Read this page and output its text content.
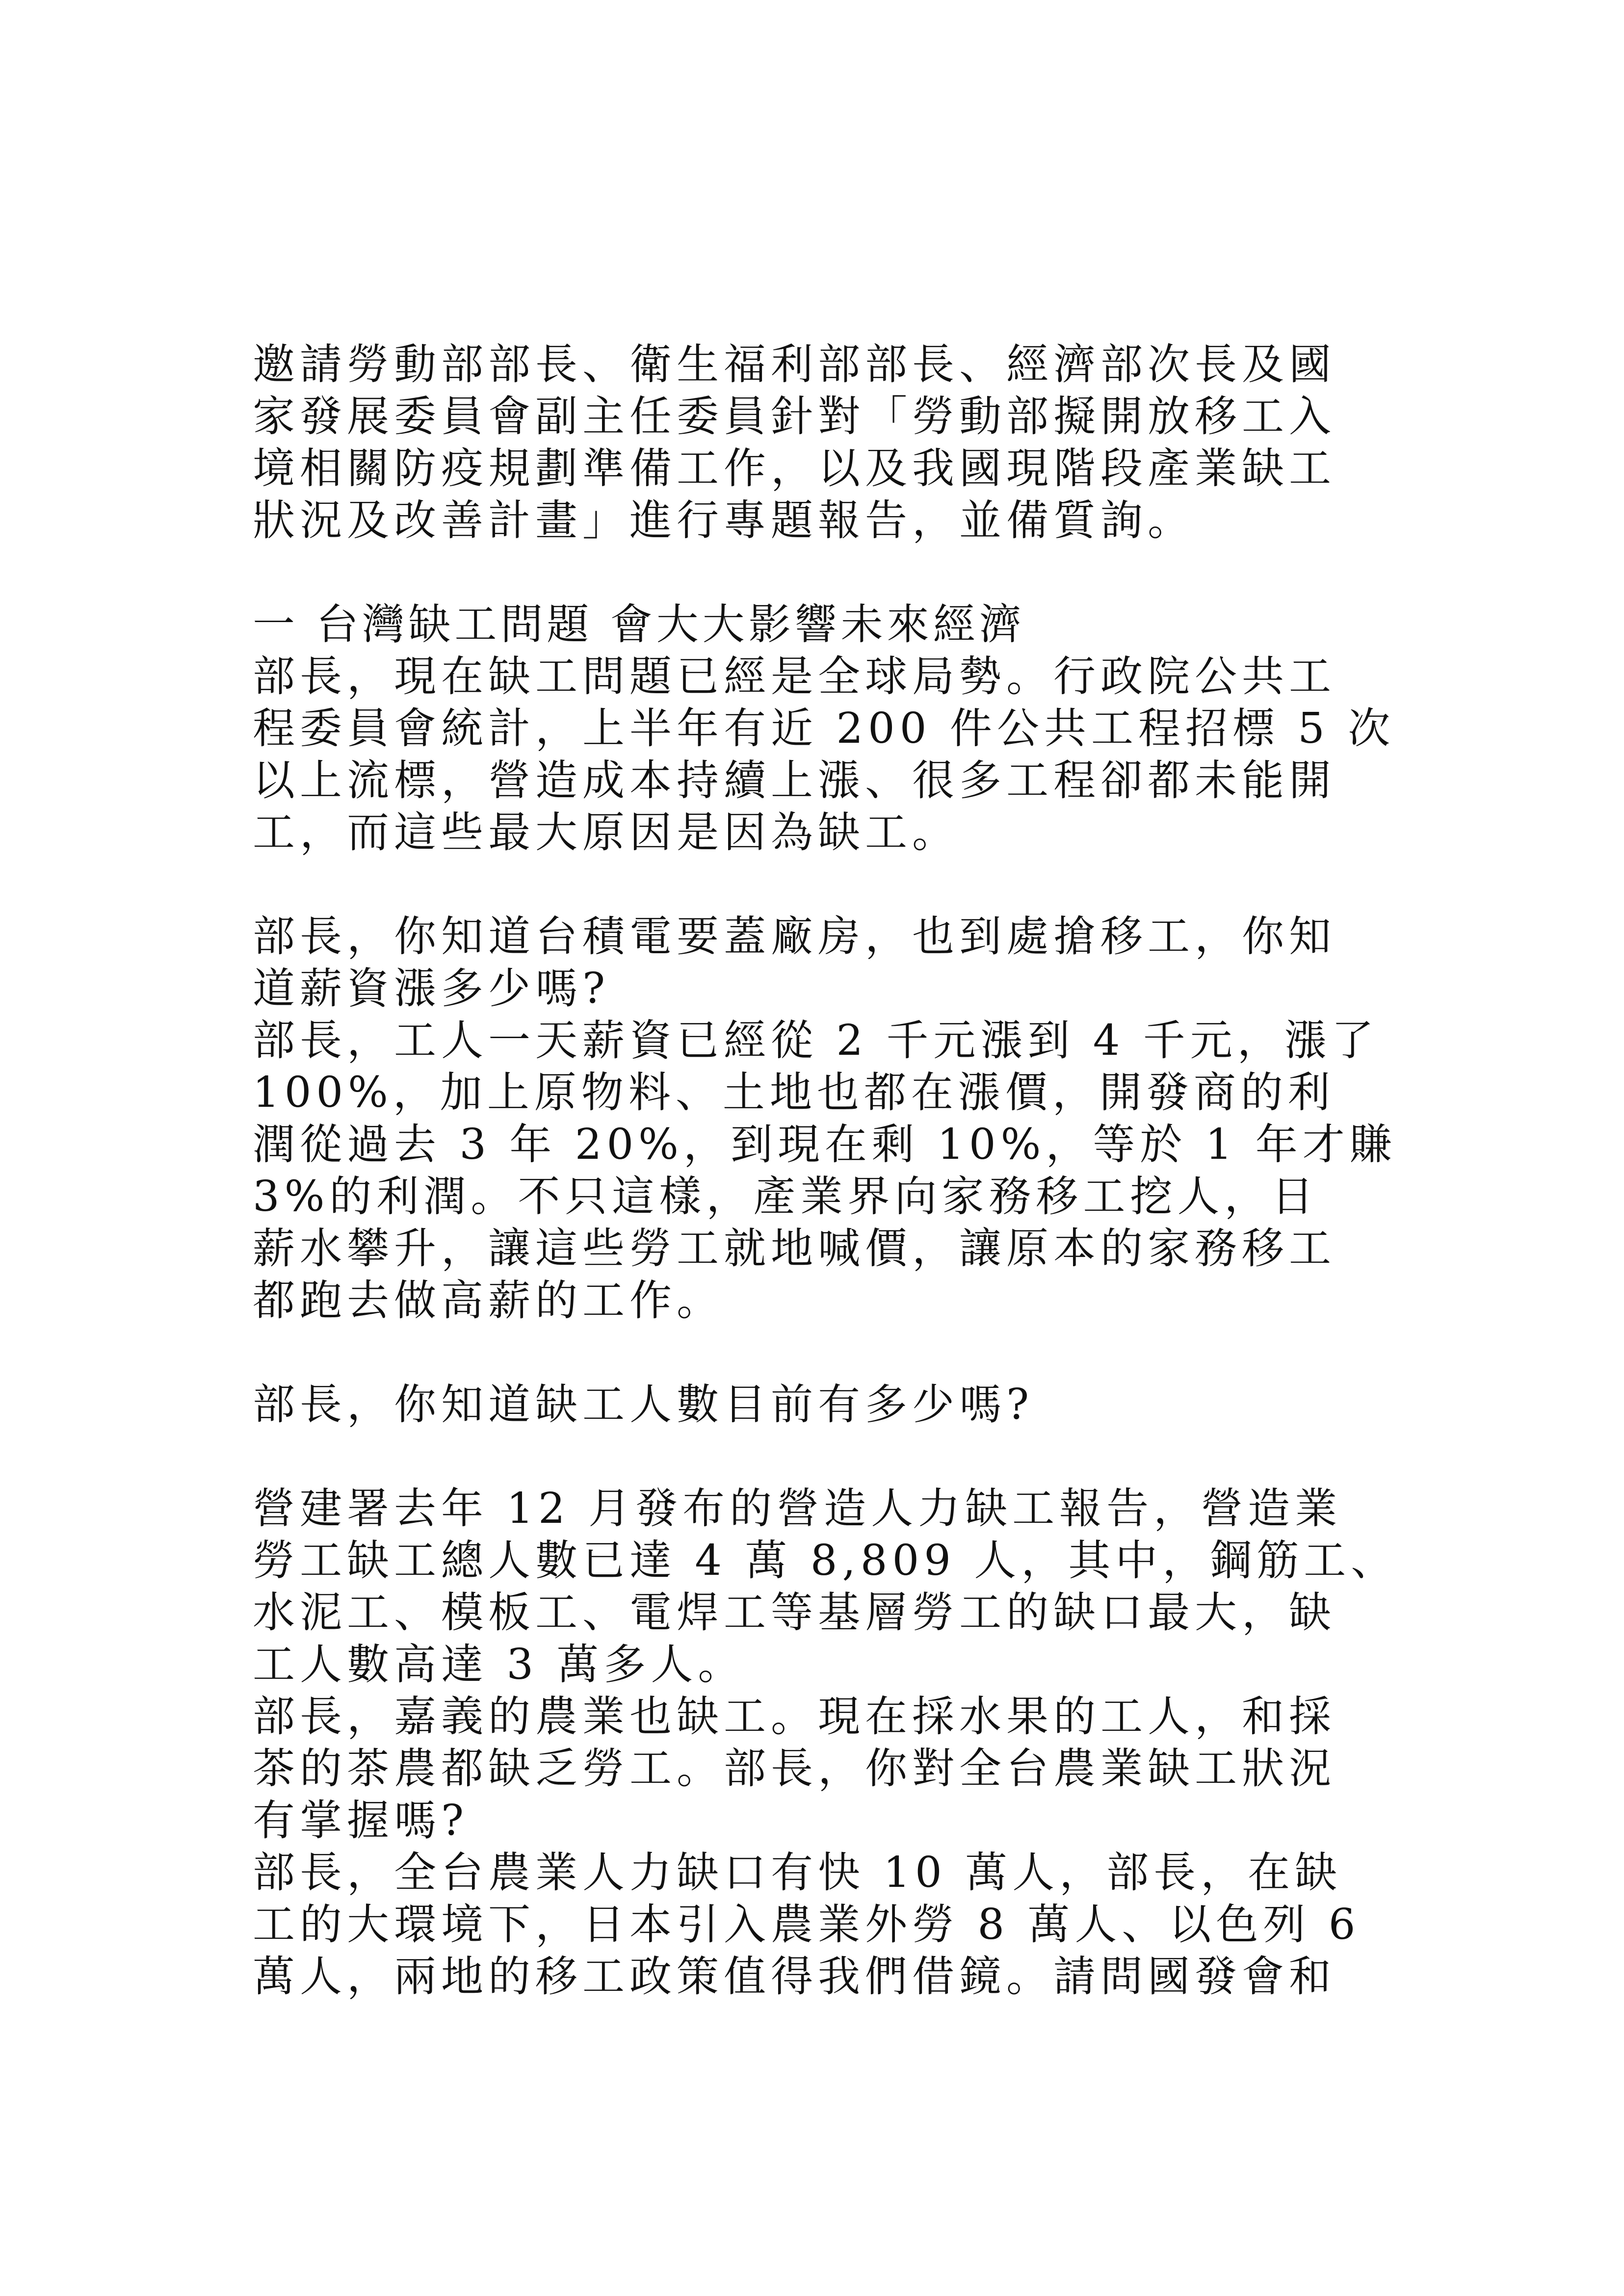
邀請勞動部部長、衛生福利部部長、經濟部次長及國
家發展委員會副主任委員針對「勞動部擬開放移工入
境相關防疫規劃準備工作，以及我國現階段產業缺工
狀況及改善計畫」進行專題報告，並備質詢。
一 台灣缺工問題 會大大影響未來經濟
部長，現在缺工問題已經是全球局勢。行政院公共工
程委員會統計，上半年有近 200 件公共工程招標 5 次
以上流標，營造成本持續上漲、很多工程卻都未能開
工，而這些最大原因是因為缺工。
部長，你知道台積電要蓋廠房，也到處搶移工，你知
道薪資漲多少嗎?
部長，工人一天薪資已經從 2 千元漲到 4 千元，漲了
100%，加上原物料、土地也都在漲價，開發商的利
潤從過去 3 年 20%，到現在剩 10%，等於 1 年才賺
3%的利潤。不只這樣，產業界向家務移工挖人，日
薪水攀升，讓這些勞工就地喊價，讓原本的家務移工
都跑去做高薪的工作。
部長，你知道缺工人數目前有多少嗎?
營建署去年 12 月發布的營造人力缺工報告，營造業
勞工缺工總人數已達 4 萬 8,809 人，其中，鋼筋工、
水泥工、模板工、電焊工等基層勞工的缺口最大，缺
工人數高達 3 萬多人。
部長，嘉義的農業也缺工。現在採水果的工人，和採
茶的茶農都缺乏勞工。部長，你對全台農業缺工狀況
有掌握嗎?
部長，全台農業人力缺口有快 10 萬人，部長，在缺
工的大環境下，日本引入農業外勞 8 萬人、以色列 6
萬人，兩地的移工政策值得我們借鏡。請問國發會和
